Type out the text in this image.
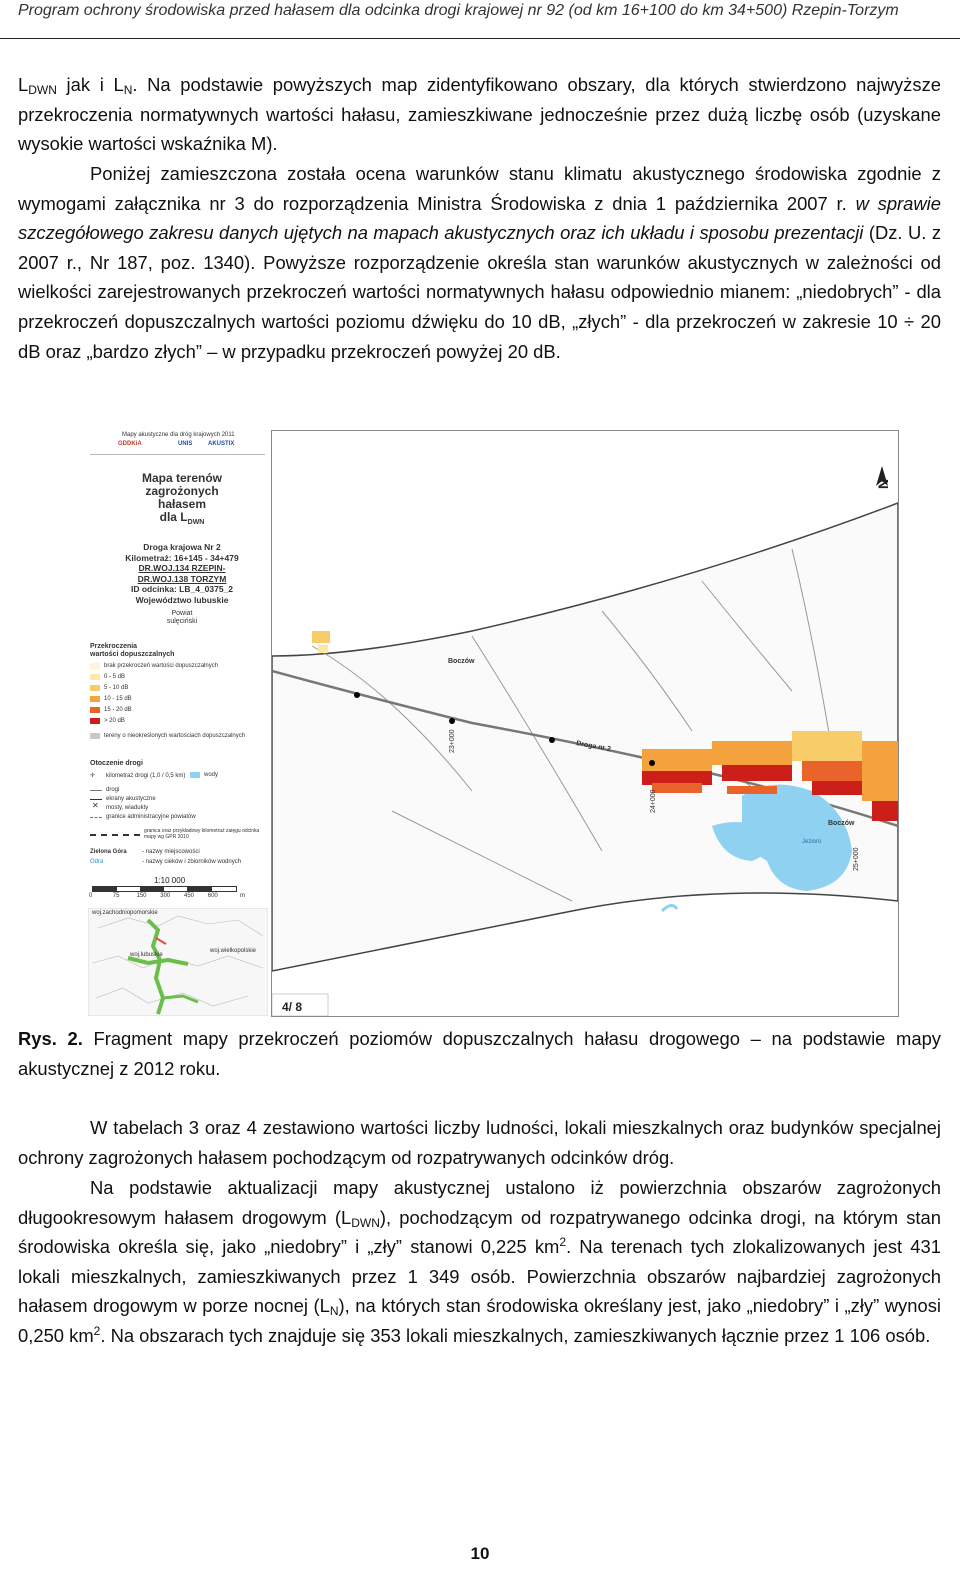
Program ochrony środowiska przed hałasem dla odcinka drogi krajowej nr 92 (od km 16+100 do km 34+500) Rzepin-Torzym
$L_{DWN}$ jak i $L_N$. Na podstawie powyższych map zidentyfikowano obszary, dla których stwierdzono najwyższe przekroczenia normatywnych wartości hałasu, zamieszkiwane jednocześnie przez dużą liczbę osób (uzyskane wysokie wartości wskaźnika M).
Poniżej zamieszczona została ocena warunków stanu klimatu akustycznego środowiska zgodnie z wymogami załącznika nr 3 do rozporządzenia Ministra Środowiska z dnia 1 października 2007 r. w sprawie szczegółowego zakresu danych ujętych na mapach akustycznych oraz ich układu i sposobu prezentacji (Dz. U. z 2007 r., Nr 187, poz. 1340). Powyższe rozporządzenie określa stan warunków akustycznych w zależności od wielkości zarejestrowanych przekroczeń wartości normatywnych hałasu odpowiednio mianem: „niedobrych” - dla przekroczeń dopuszczalnych wartości poziomu dźwięku do 10 dB, „złych” - dla przekroczeń w zakresie 10 ÷ 20 dB oraz „bardzo złych” – w przypadku przekroczeń powyżej 20 dB.
Mapy akustyczne dla dróg krajowych 2011
GDDKiA	UNIS	AKUSTIX
Mapa terenów
zagrożonych hałasem
dla $L_{DWN}$
Droga krajowa Nr 2
Kilometraż: 16+145 - 34+479
DR.WOJ.134 RZEPIN-
DR.WOJ.138 TORZYM
ID odcinka: LB_4_0375_2
Województwo lubuskie
Powiat
sulęciński
Przekroczenia
wartości dopuszczalnych
brak przekroczeń wartości dopuszczalnych
0 - 5 dB
5 - 10 dB
10 - 15 dB
15 - 20 dB
> 20 dB
tereny o nieokreślonych wartościach dopuszczalnych
Otoczenie drogi
✛ kilometraż drogi (1,0 / 0,5 km)
drogi
ekrany akustyczne
✕ mosty, wiadukty
granice administracyjne powiatów
wody
granica oraz przykładowy kilometraż zaięgu odcinka mapy wg GPR 2010
Zielona Góra	- nazwy miejscowości
Odra	- nazwy cieków i zbiorników wodnych
1:10 000
0	75	150 300 450 600	m
woj.zachodniopomorskie
woj.lubuskie
woj.wielkopolskie
N
Boczów
Boczów
Droga nr 2
23+000
24+000
25+000
Jezioro
4/ 8
Rys. 2. Fragment mapy przekroczeń poziomów dopuszczalnych hałasu drogowego – na podstawie mapy akustycznej z 2012 roku.
W tabelach 3 oraz 4 zestawiono wartości liczby ludności, lokali mieszkalnych oraz budynków specjalnej ochrony zagrożonych hałasem pochodzącym od rozpatrywanych odcinków dróg.
Na podstawie aktualizacji mapy akustycznej ustalono iż powierzchnia obszarów zagrożonych długookresowym hałasem drogowym $(L_{DWN})$, pochodzącym od rozpatrywanego odcinka drogi, na którym stan środowiska określa się, jako „niedobry” i „zły” stanowi 0,225 $km^2$. Na terenach tych zlokalizowanych jest 431 lokali mieszkalnych, zamieszkiwanych przez 1 349 osób. Powierzchnia obszarów najbardziej zagrożonych hałasem drogowym w porze nocnej $(L_N)$, na których stan środowiska określany jest, jako „niedobry” i „zły” wynosi 0,250 $km^2$. Na obszarach tych znajduje się 353 lokali mieszkalnych, zamieszkiwanych łącznie przez 1 106 osób.
10
